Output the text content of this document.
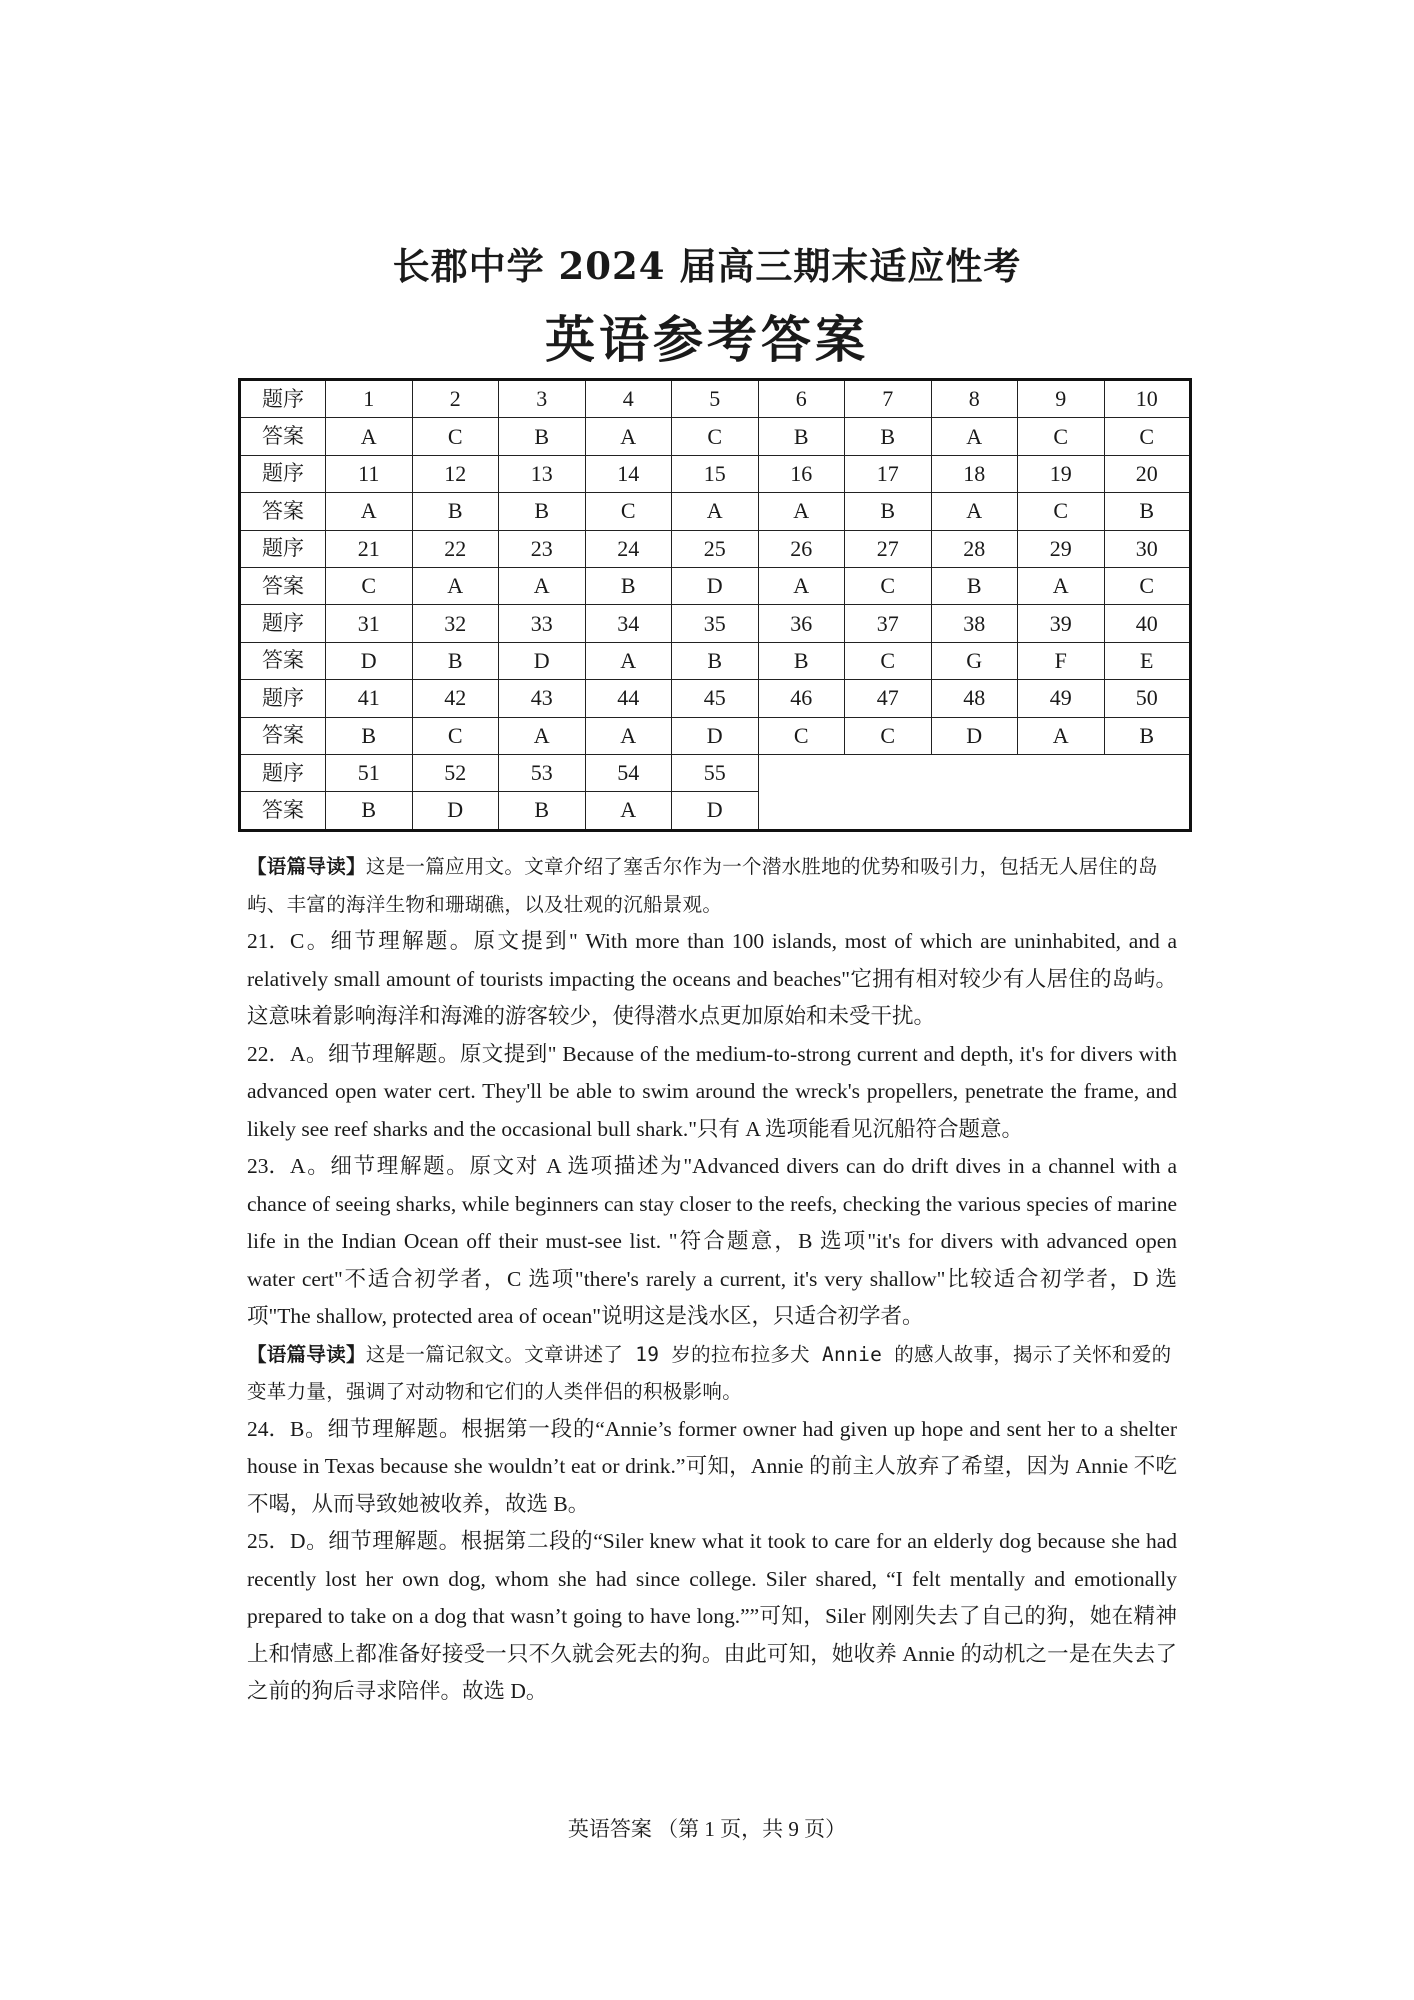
长郡中学 2024 届高三期末适应性考
英语参考答案
题序	1	2	3	4	5	6	7	8	9	10
答案	A	C	B	A	C	B	B	A	C	C
题序	11	12	13	14	15	16	17	18	19	20
答案	A	B	B	C	A	A	B	A	C	B
题序	21	22	23	24	25	26	27	28	29	30
答案	C	A	A	B	D	A	C	B	A	C
题序	31	32	33	34	35	36	37	38	39	40
答案	D	B	D	A	B	B	C	G	F	E
题序	41	42	43	44	45	46	47	48	49	50
答案	B	C	A	A	D	C	C	D	A	B
题序	51	52	53	54	55					
答案	B	D	B	A	D					
【语篇导读】这是一篇应用文。文章介绍了塞舌尔作为一个潜水胜地的优势和吸引力，包括无人居住的岛屿、丰富的海洋生物和珊瑚礁，以及壮观的沉船景观。
21．C。细节理解题。原文提到" With more than 100 islands, most of which are uninhabited, and a relatively small amount of tourists impacting the oceans and beaches"它拥有相对较少有人居住的岛屿。这意味着影响海洋和海滩的游客较少，使得潜水点更加原始和未受干扰。
22．A。细节理解题。原文提到" Because of the medium-to-strong current and depth, it's for divers with advanced open water cert. They'll be able to swim around the wreck's propellers, penetrate the frame, and likely see reef sharks and the occasional bull shark."只有 A 选项能看见沉船符合题意。
23．A。细节理解题。原文对 A 选项描述为"Advanced divers can do drift dives in a channel with a chance of seeing sharks, while beginners can stay closer to the reefs, checking the various species of marine life in the Indian Ocean off their must-see list. "符合题意，B 选项"it's for divers with advanced open water cert"不适合初学者，C 选项"there's rarely a current, it's very shallow"比较适合初学者，D 选项"The shallow, protected area of ocean"说明这是浅水区，只适合初学者。
【语篇导读】这是一篇记叙文。文章讲述了 19 岁的拉布拉多犬 Annie 的感人故事，揭示了关怀和爱的变革力量，强调了对动物和它们的人类伴侣的积极影响。
24．B。细节理解题。根据第一段的“Annie’s former owner had given up hope and sent her to a shelter house in Texas because she wouldn’t eat or drink.”可知，Annie 的前主人放弃了希望，因为 Annie 不吃不喝，从而导致她被收养，故选 B。
25．D。细节理解题。根据第二段的“Siler knew what it took to care for an elderly dog because she had recently lost her own dog, whom she had since college. Siler shared, “I felt mentally and emotionally prepared to take on a dog that wasn’t going to have long.””可知，Siler 刚刚失去了自己的狗，她在精神上和情感上都准备好接受一只不久就会死去的狗。由此可知，她收养 Annie 的动机之一是在失去了之前的狗后寻求陪伴。故选 D。
英语答案 （第 1 页，共 9 页）
